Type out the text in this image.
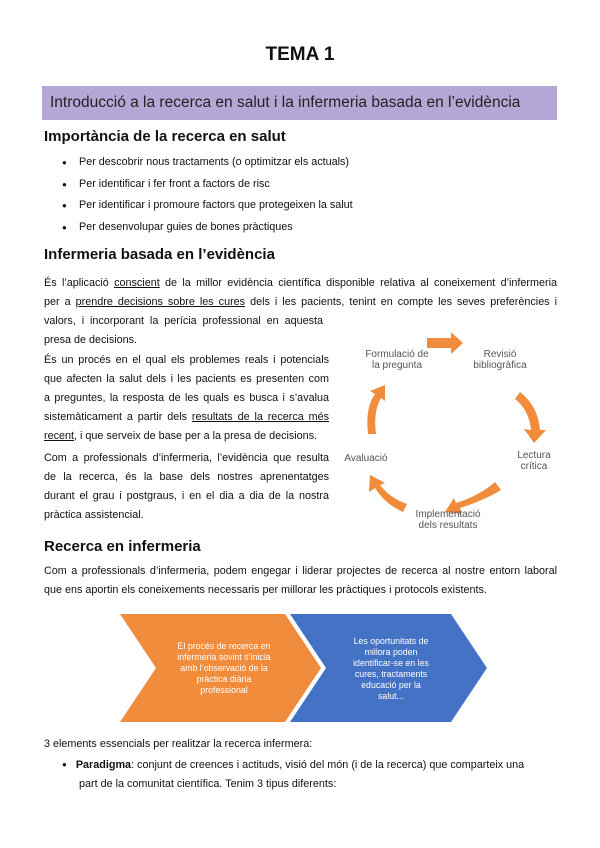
TEMA 1
Introducció a la recerca en salut i la infermeria basada en l’evidència
Importància de la recerca en salut
● Per descobrir nous tractaments (o optimitzar els actuals)
● Per identificar i fer front a factors de risc
● Per identificar i promoure factors que protegeixen la salut
● Per desenvolupar guies de bones pràctiques
Infermeria basada en l’evidència
És l’aplicació conscient de la millor evidència científica disponible relativa al coneixement d’infermeria
per a prendre decisions sobre les cures dels i les pacients, tenint en compte les seves preferències i
valors, i incorporant la perícia professional en aquesta
presa de decisions.
És un procés en el qual els problemes reals i potencials
que afecten la salut dels i les pacients es presenten com
a preguntes, la resposta de les quals es busca i s’avalua
sistemàticament a partir dels resultats de la recerca més
recent, i que serveix de base per a la presa de decisions.
Com a professionals d’infermeria, l’evidència que resulta
de la recerca, és la base dels nostres aprenentatges
durant el grau i postgraus, i en el dia a dia de la nostra
pràctica assistencial.
Formulació de
la pregunta
Revisió
bibliogràfica
Lectura
crítica
Implementació
dels resultats
Avaluació
Recerca en infermeria
Com a professionals d’infermeria, podem engegar i liderar projectes de recerca al nostre entorn laboral
que ens aportin els coneixements necessaris per millorar les pràctiques i protocols existents.
El procés de recerca en
infermeria sovint s’inicia
amb l’observació de la
pràctica diària
professional
Les oportunitats de
millora poden
identificar-se en les
cures, tractaments
educació per la
salut...
3 elements essencials per realitzar la recerca infermera:
● Paradigma: conjunt de creences i actituds, visió del món (i de la recerca) que comparteix una
part de la comunitat científica. Tenim 3 tipus diferents:
